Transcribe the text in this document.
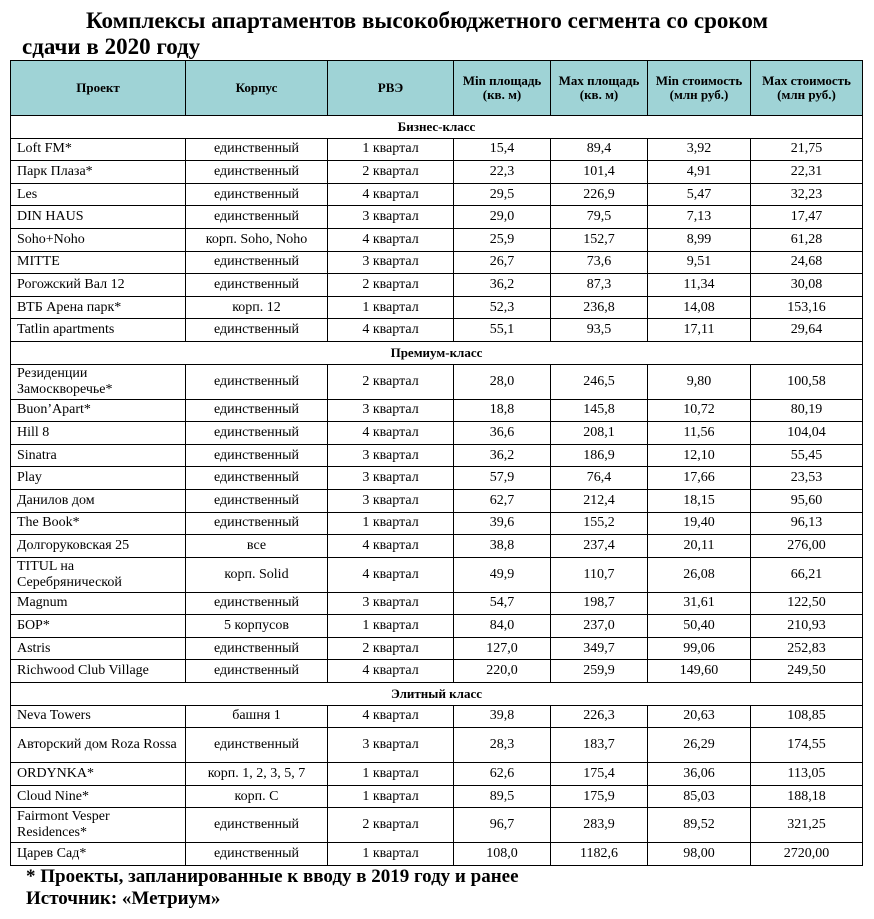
Комплексы апартаментов высокобюджетного сегмента со сроком
сдачи в 2020 году
Проект	Корпус	РВЭ	Min площадь (кв. м)	Max площадь (кв. м)	Min стоимость (млн руб.)	Max стоимость (млн руб.)
Бизнес-класс						
Loft FM*	единственный	1 квартал	15,4	89,4	3,92	21,75
Парк Плаза*	единственный	2 квартал	22,3	101,4	4,91	22,31
Les	единственный	4 квартал	29,5	226,9	5,47	32,23
DIN HAUS	единственный	3 квартал	29,0	79,5	7,13	17,47
Soho+Noho	корп. Soho, Noho	4 квартал	25,9	152,7	8,99	61,28
MITTE	единственный	3 квартал	26,7	73,6	9,51	24,68
Рогожский Вал 12	единственный	2 квартал	36,2	87,3	11,34	30,08
ВТБ Арена парк*	корп. 12	1 квартал	52,3	236,8	14,08	153,16
Tatlin apartments	единственный	4 квартал	55,1	93,5	17,11	29,64
Премиум-класс						
Резиденции Замоскворечье*	единственный	2 квартал	28,0	246,5	9,80	100,58
Buon’Apart*	единственный	3 квартал	18,8	145,8	10,72	80,19
Hill 8	единственный	4 квартал	36,6	208,1	11,56	104,04
Sinatra	единственный	3 квартал	36,2	186,9	12,10	55,45
Play	единственный	3 квартал	57,9	76,4	17,66	23,53
Данилов дом	единственный	3 квартал	62,7	212,4	18,15	95,60
The Book*	единственный	1 квартал	39,6	155,2	19,40	96,13
Долгоруковская 25	все	4 квартал	38,8	237,4	20,11	276,00
TITUL на Серебрянической	корп. Solid	4 квартал	49,9	110,7	26,08	66,21
Magnum	единственный	3 квартал	54,7	198,7	31,61	122,50
БОР*	5 корпусов	1 квартал	84,0	237,0	50,40	210,93
Astris	единственный	2 квартал	127,0	349,7	99,06	252,83
Richwood Club Village	единственный	4 квартал	220,0	259,9	149,60	249,50
Элитный класс						
Neva Towers	башня 1	4 квартал	39,8	226,3	20,63	108,85
Авторский дом Roza Rossa	единственный	3 квартал	28,3	183,7	26,29	174,55
ORDYNKA*	корп. 1, 2, 3, 5, 7	1 квартал	62,6	175,4	36,06	113,05
Cloud Nine*	корп. С	1 квартал	89,5	175,9	85,03	188,18
Fairmont Vesper Residences*	единственный	2 квартал	96,7	283,9	89,52	321,25
Царев Сад*	единственный	1 квартал	108,0	1182,6	98,00	2720,00
* Проекты, запланированные к вводу в 2019 году и ранее
Источник: «Метриум»
